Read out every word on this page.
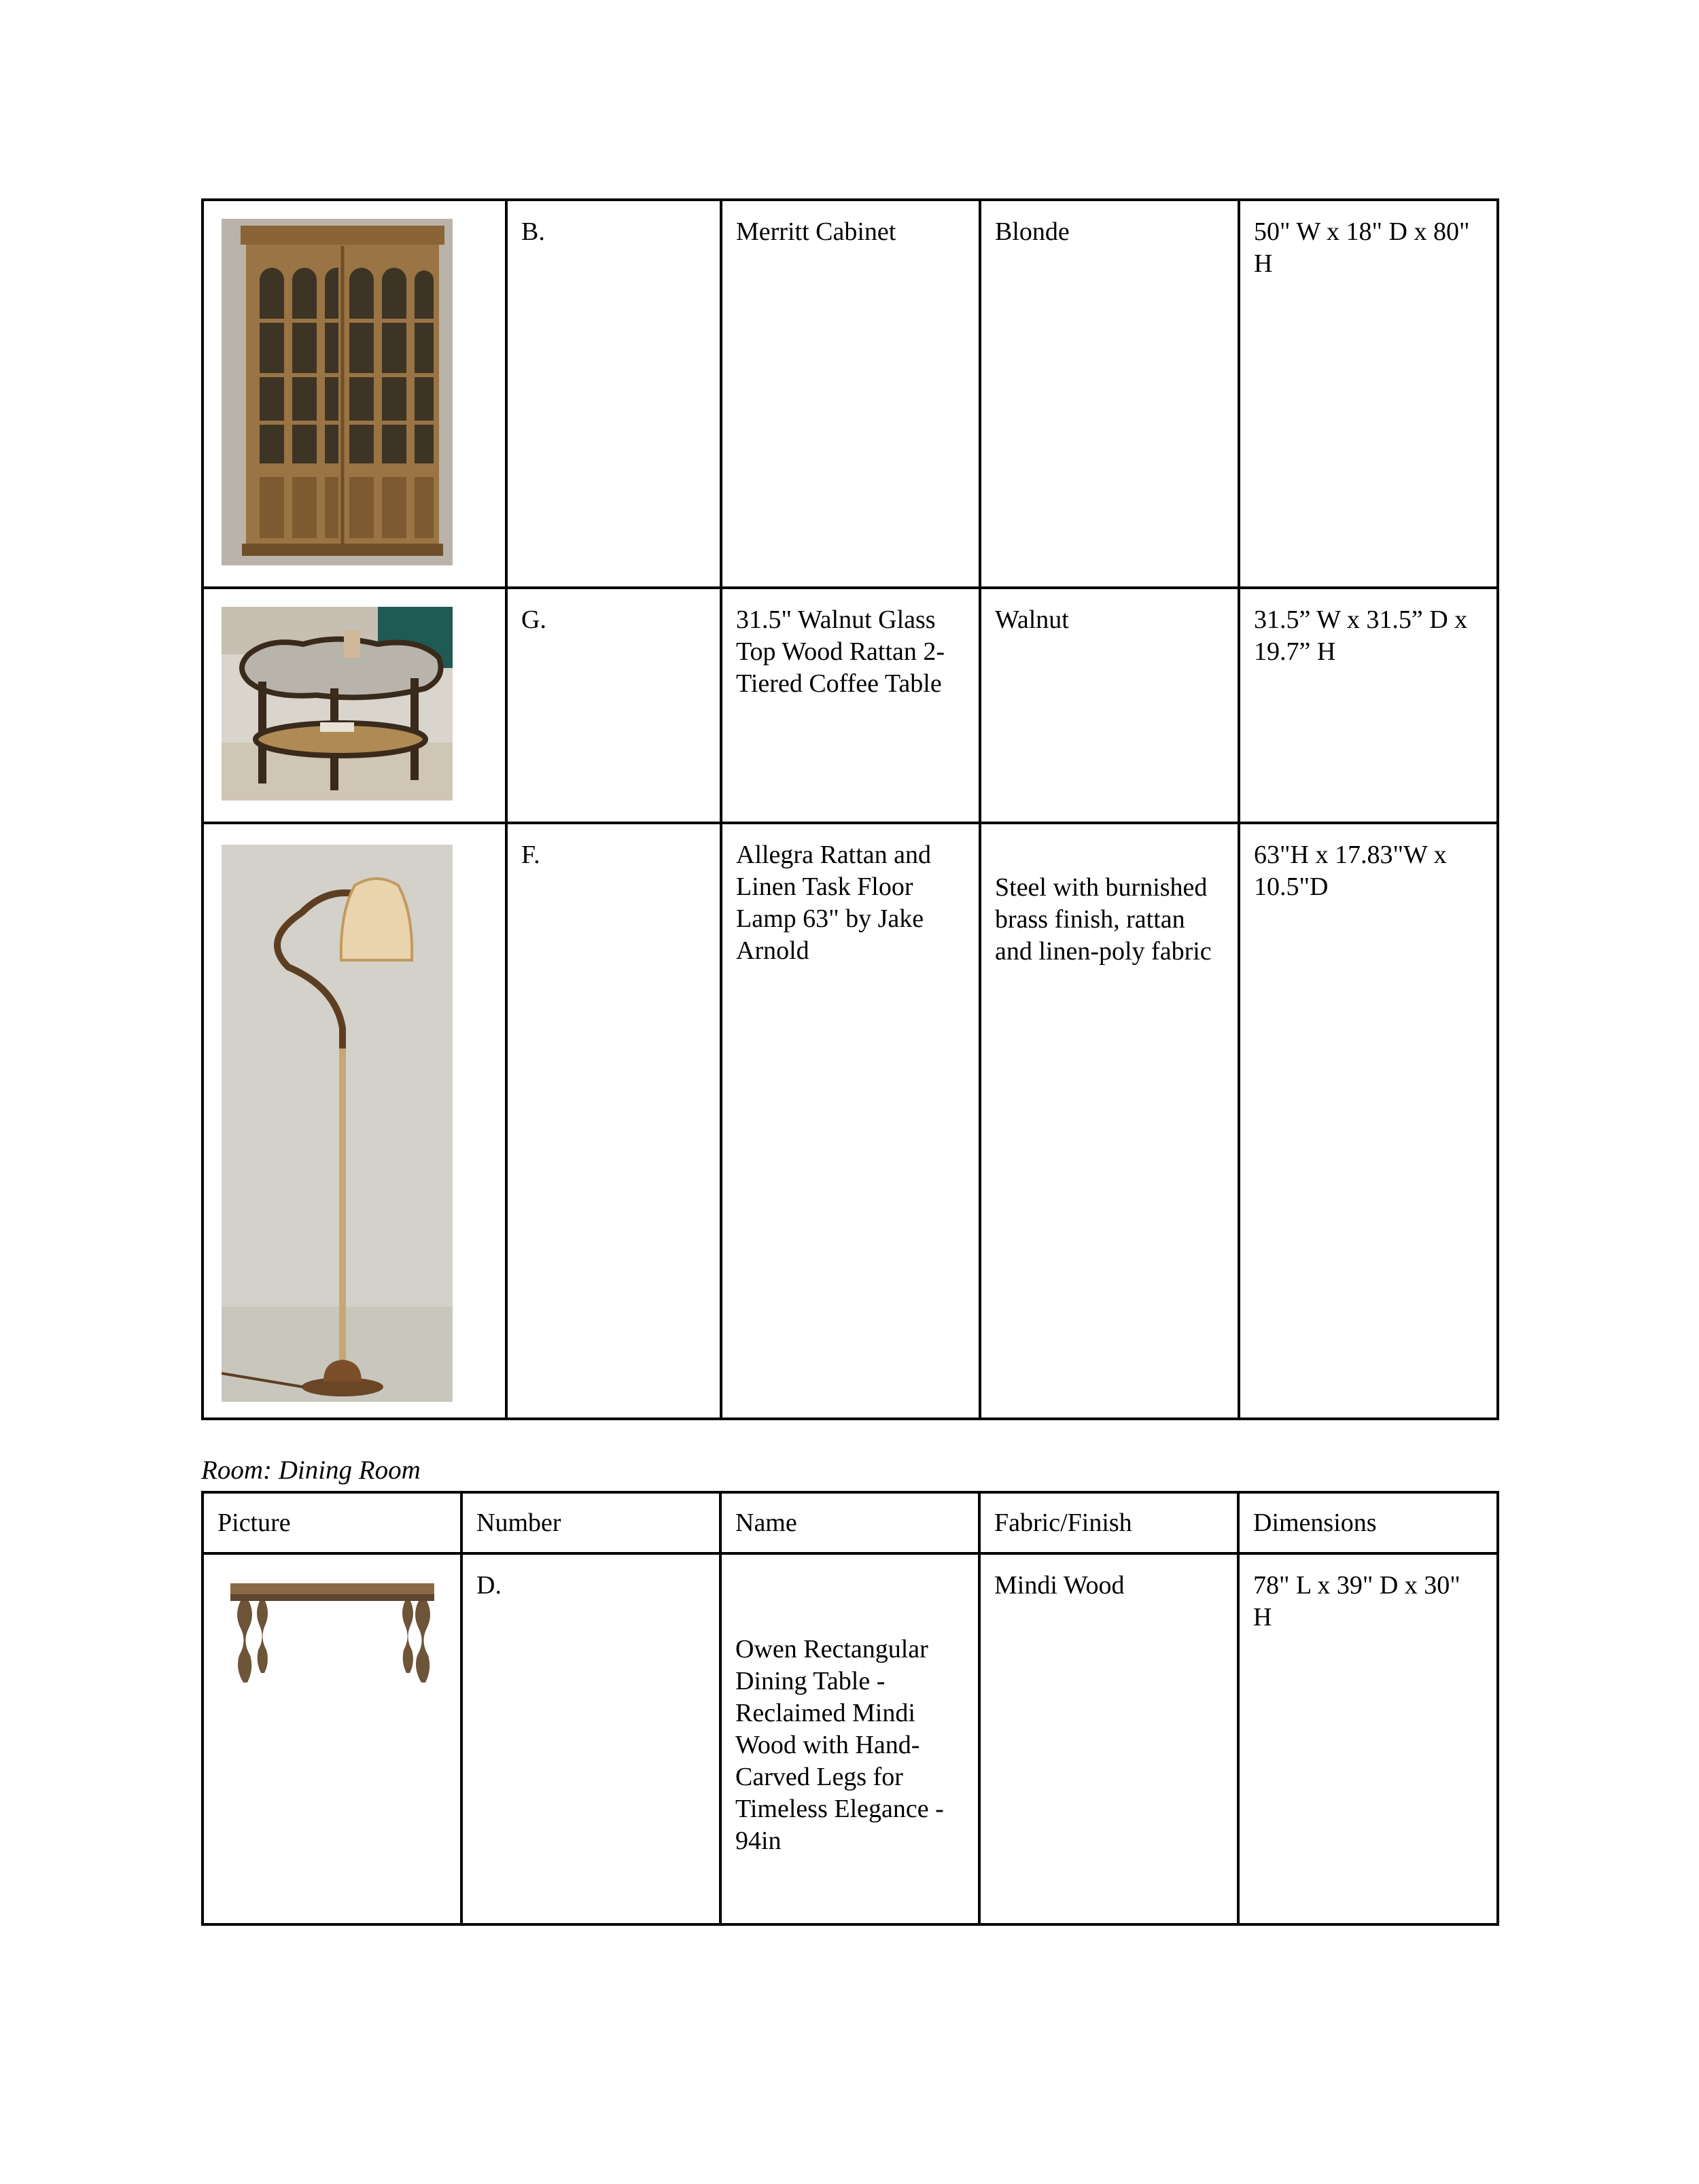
B.	Merritt Cabinet	Blonde	50" W x 18" D x 80" H

G.	31.5" Walnut Glass Top Wood Rattan 2-Tiered Coffee Table	Walnut	31.5” W x 31.5” D x 19.7” H

F.	Allegra Rattan and Linen Task Floor Lamp 63" by Jake Arnold	Steel with burnished brass finish, rattan and linen-poly fabric	63"H x 17.83"W x 10.5"D
Room: Dining Room
Picture	Number	Name	Fabric/Finish	Dimensions

D.	Owen Rectangular Dining Table - Reclaimed Mindi Wood with Hand-Carved Legs for Timeless Elegance - 94in	Mindi Wood	78" L x 39" D x 30" H
